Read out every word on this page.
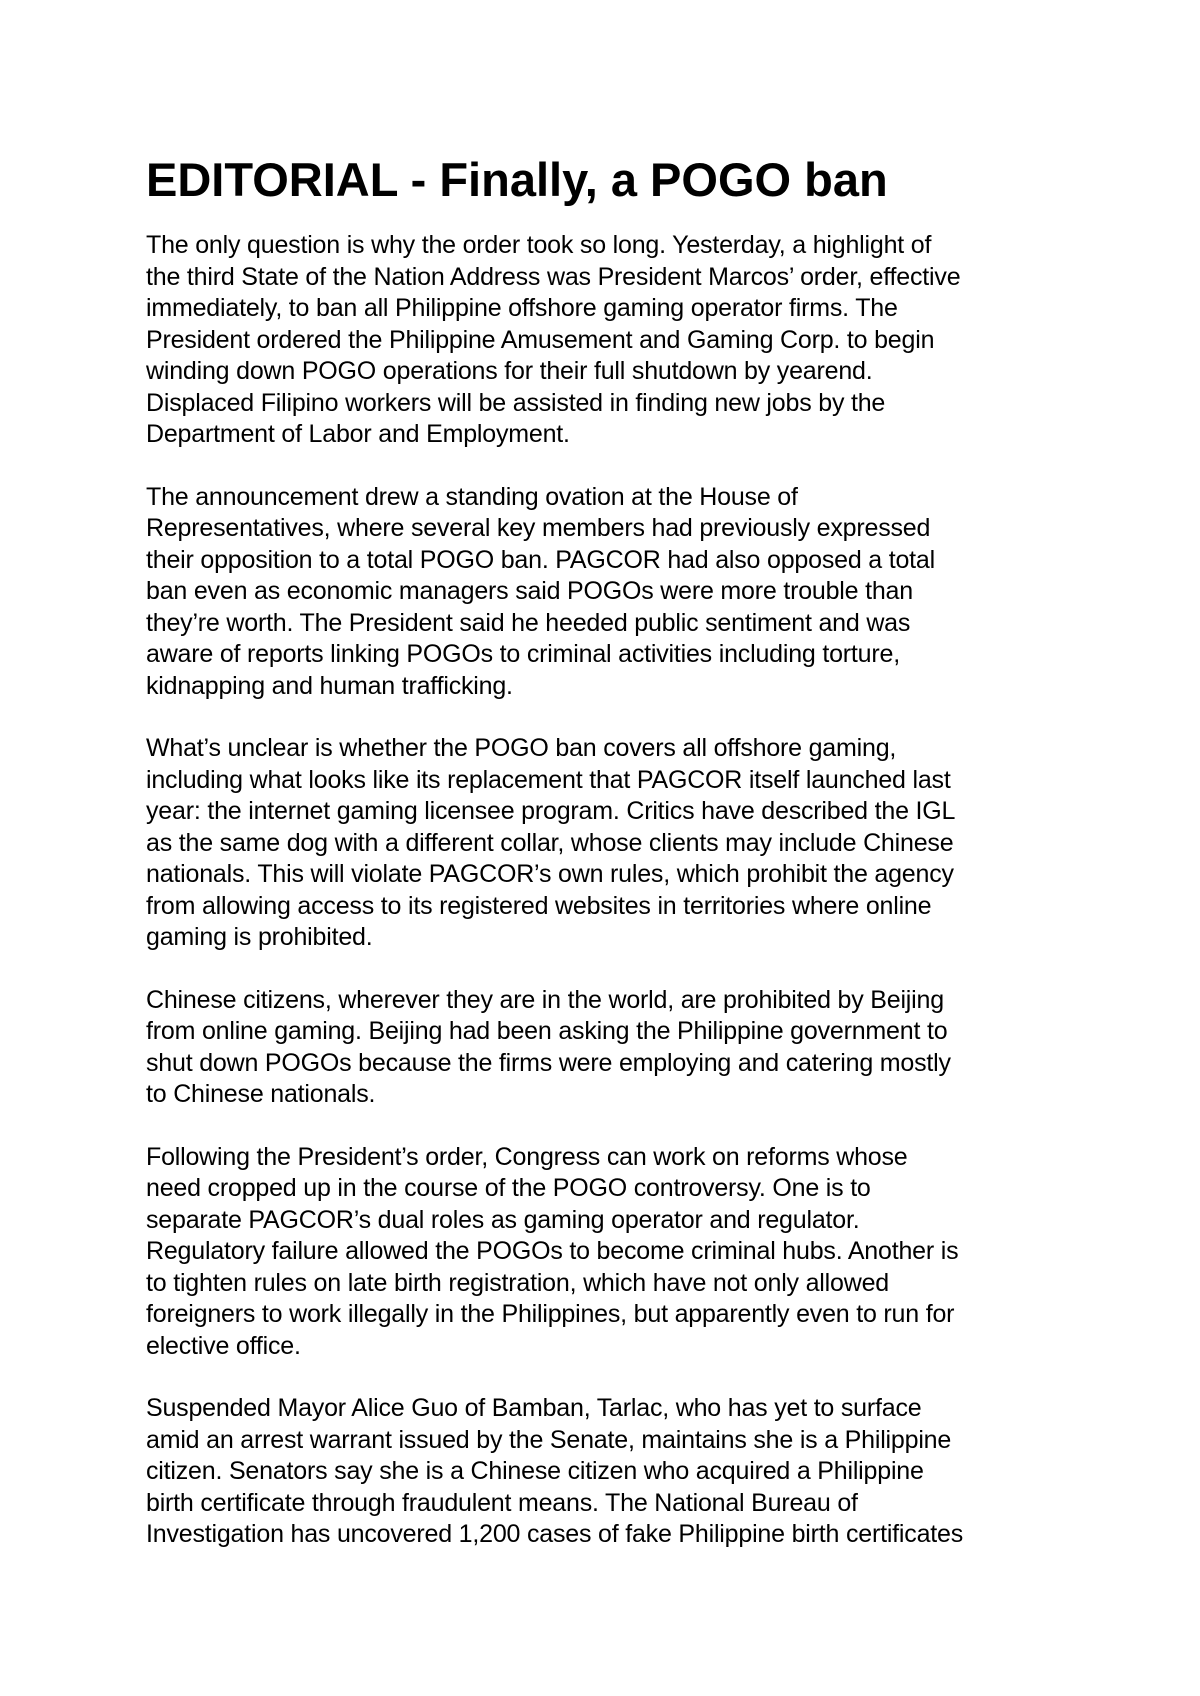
EDITORIAL - Finally, a POGO ban

The only question is why the order took so long. Yesterday, a highlight of
the third State of the Nation Address was President Marcos’ order, effective
immediately, to ban all Philippine offshore gaming operator firms. The
President ordered the Philippine Amusement and Gaming Corp. to begin
winding down POGO operations for their full shutdown by yearend.
Displaced Filipino workers will be assisted in finding new jobs by the
Department of Labor and Employment.

The announcement drew a standing ovation at the House of
Representatives, where several key members had previously expressed
their opposition to a total POGO ban. PAGCOR had also opposed a total
ban even as economic managers said POGOs were more trouble than
they’re worth. The President said he heeded public sentiment and was
aware of reports linking POGOs to criminal activities including torture,
kidnapping and human trafficking.

What’s unclear is whether the POGO ban covers all offshore gaming,
including what looks like its replacement that PAGCOR itself launched last
year: the internet gaming licensee program. Critics have described the IGL
as the same dog with a different collar, whose clients may include Chinese
nationals. This will violate PAGCOR’s own rules, which prohibit the agency
from allowing access to its registered websites in territories where online
gaming is prohibited.

Chinese citizens, wherever they are in the world, are prohibited by Beijing
from online gaming. Beijing had been asking the Philippine government to
shut down POGOs because the firms were employing and catering mostly
to Chinese nationals.

Following the President’s order, Congress can work on reforms whose
need cropped up in the course of the POGO controversy. One is to
separate PAGCOR’s dual roles as gaming operator and regulator.
Regulatory failure allowed the POGOs to become criminal hubs. Another is
to tighten rules on late birth registration, which have not only allowed
foreigners to work illegally in the Philippines, but apparently even to run for
elective office.

Suspended Mayor Alice Guo of Bamban, Tarlac, who has yet to surface
amid an arrest warrant issued by the Senate, maintains she is a Philippine
citizen. Senators say she is a Chinese citizen who acquired a Philippine
birth certificate through fraudulent means. The National Bureau of
Investigation has uncovered 1,200 cases of fake Philippine birth certificates
